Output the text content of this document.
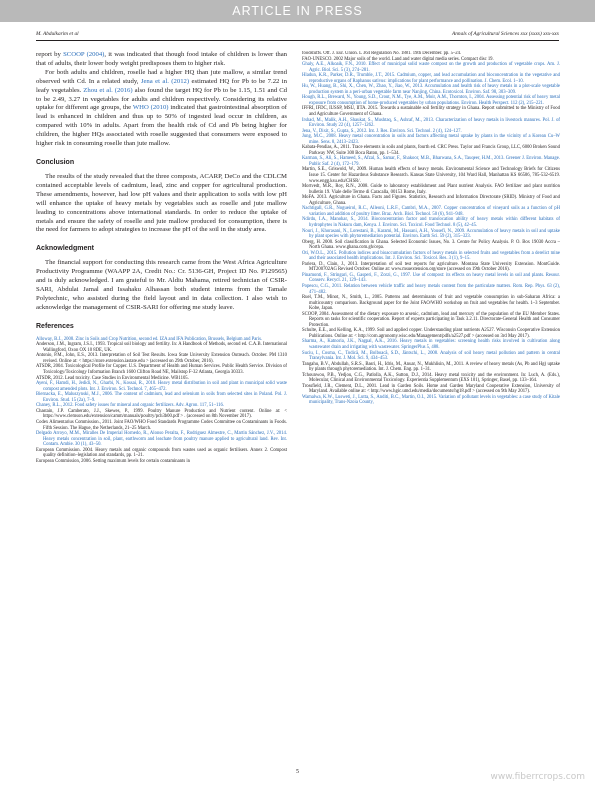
ARTICLE IN PRESS
M. Abdulkarim et al	Annals of Agricultural Sciences xxx (xxxx) xxx-xxx

report by SCOOP (2004), it was indicated that though food intake of children is lower than that of adults, their lower body weight predisposes them to higher risk.

For both adults and children, roselle had a higher HQ than jute mallow, a similar trend observed with Cd. In a related study, Jena et al. (2012) estimated HQ for Pb to be 7.22 in leafy vegetables. Zhou et al. (2016) also found the target HQ for Pb to be 1.15, 1.51 and Cd to be 2.49, 3.27 in vegetables for adults and children respectively. Considering its relative uptake for different age groups, the WHO (2010) indicated that gastrointestinal absorption of lead is enhanced in children and thus up to 50% of ingested lead occur in children, as compared with 10% in adults. Apart from the health risk of Cd and Pb being higher for children, the higher HQs associated with roselle suggested that consumers were exposed to higher risk in consuming roselle than jute mallow.

Conclusion

The results of the study revealed that the three composts, ACARP, DeCo and the CDLCM contained acceptable levels of cadmium, lead, zinc and copper for agricultural production. These amendments, however, had low pH values and their application to soils with low pH will enhance the uptake of heavy metals by vegetables such as roselle and jute mallow leading to concentrations above international standards. In order to reduce the uptake of metals and ensure the safety of roselle and jute mallow produced for consumption, there is the need for farmers to adopt strategies to increase the pH of the soil in the study area.

Acknowledgment

The financial support for conducting this research came from the West Africa Agriculture Productivity Programme (WAAPP 2A, Credit No.: Cr. 5136-GH, Project ID No. P129565) and is duly acknowledged. I am grateful to Mr. Aldiu Mahama, retired technician of CSIR-SARI, Abdulai Jamal and Issahaku Alhassan both student interns from the Tamale Polytechnic, who assisted during the field layout and in data collection. I also wish to acknowledge the management of CSIR-SARI for offering me study leave.

References

Alloway, B.J., 2008. Zinc in Soils and Crop Nutrition, second ed. IZA and IFA Publication, Brussels, Belgium and Paris.

Anderson, J.M., Ingram, J.S.I., 1993. Tropical soil biology and fertility. In: A Handbook of Methods, second ed. C.A.B. International Wallingford, Oxon OX 10 8DE, UK.

Antonio, P.M., John, E.S., 2013. Interpretation of Soil Test Results. Iowa State University Extension Outreach. October. PM 1310 revised. Online at: < https://store.extension.iastate.edu > (accessed on 29th October, 2016).

ATSDR, 2004. Toxicological Profile for Copper. U.S. Department of Health and Human Services. Public Health Service. Division of Toxicology/Toxicology Information Branch 1600 Clifton Road NE, Mailstop F-32 Atlanta, Georgia 30333.

ATSDR, 2012. Lead toxicity. Case Studies in Environmental Medicine. WB1105.

Ayeni, F., Hamdi, H., Jedidi, N., Gharbi, N., Kossai, R., 2010. Heavy metal distribution in soil and plant in municipal solid waste compost amended plots. Int. J. Environ. Sci. Technol. 7, 465–472.

Biernacka, E., Maluszynski, M.J., 2006. The content of cadmium, lead and selenium in soils from selected sites in Poland. Pol. J. Environ. Stud. 15 (2a), 7–9.

Chaney, R.L., 2012. Food safety issues for mineral and organic fertilizers. Adv. Agron. 117, 51–116.

Chastain, J.P. Camberato, J.J., Skewes, P., 1999. Poultry Manure Production and Nutrient content. Online at: < https://www.clemson.edu/extension/camm/manuals/poultry/pch3b00.pdf > . (accessed on 8th November 2017).

Codex Alimentarius Commission., 2011. Joint FAO/WHO Food Standards Programme Codex Committee on Contaminants in Foods. Fifth Session. The Hague, the Netherlands, 21–25 March.

Delgado Arroyo, M.M., Miralles De Imperial Hornedo, R., Alonso Peralta, F., Rodriguez Almestre, C., Martin Sánchez, J.V., 2014. Heavy metals concentration in soil, plant, earthworm and leachate from poultry manure applied to agricultural land. Rev. Int. Contam. Ambie. 30 (1), 43–50.

European Commission. 2004. Heavy metals and organic compounds from wastes used as organic fertilisers. Annex 2. Compost quality definition–legislation and standards, pp. 1–21.

European Commission, 2006. Setting maximum levels for certain contaminants in

foodstuffs. Off. J. Eur. Union. L 364 Regulation No. 1881. 19th December. pp. 5–24.

FAO-UNESCO. 2002 Major soils of the world. Land and water digital media series. Compact disc 19.

Ghaly, A.E., Alkoaik, F.N., 2010. Effect of municipal solid waste compost on the growth and production of vegetable crops. Am. J. Agric. Biol. Sci. 5 (3), 274–281.

Hladun, K.R., Parker, D.R., Trumble, J.T., 2015. Cadmium, copper, and lead accumulation and bioconcentration in the vegetative and reproductive organs of Raphanus sativus: implications for plant performance and pollination. J. Chem. Ecol. 1–10.

Hu, W., Huang, B., Shi, X., Chen, W., Zhao, Y., Jiao, W., 2013. Accumulation and health risk of heavy metals in a plot-scale vegetable production system in a peri-urban vegetable farm near Nanjing, China. Ecotoxicol. Environ. Saf. 98, 303–309.

Hough, R.L., Breward, N., Young, S.D., Crout, N.M., Tye, A.M., Moir, A.M., Thornton, I., 2004. Assessing potential risk of heavy metal exposure from consumption of home-produced vegetables by urban populations. Environ. Health Perspect. 112 (2), 215–221.

IFFRI, IFDC, IUSSP, MSU, IITA. 2015. Towards a sustainable soil fertility strategy in Ghana. Report submitted to the Ministry of Food and Agriculture Government of Ghana.

Irshad, M., Malik, A.H., Shaukat, S., Mushtaq, S., Ashraf, M., 2013. Characterization of heavy metals in livestock manures. Pol. J. of Environ. Study 22 (4), 1257–1262.

Jena, V., Dixit, S., Gupta, S., 2012. Int. J. Res. Environ. Sci. Technol. 2 (4), 124–127.

Jung, M.C., 2008. Heavy metal concentration in soils and factors affecting metal uptake by plants in the vicinity of a Korean Cu–W mine. Sens. 8, 2413–2423.

Kabata-Pendias, A., 2011. Trace elements in soils and plants, fourth ed. CRC Press. Taylor and Francis Group, LLC, 6000 Broken Sound Parkway NW, Suite 300 Boca Raton, pp. 1–534.

Karman, S., Ali, S., Hameed, S., Afzal, S., Samar, F., Shakoor, M.B., Bharwana, S.A., Tauqeer, H.M., 2013. Greener J. Environ. Manage. Public Saf. 2 (4), 172–179.

Martin, S.E., Griswold, W., 2009. Human health effects of heavy metals. Environmental Science and Technology Briefs for Citizens Issue 15. Center for Hazardous Substance Research. Kansas State University, 104 Ward Hall, Manhattan KS 66506, 785-532-6519. www.engg.ksu.edu/CHSR/.

Mortvedt, M.R., Roy, R.N., 2008. Guide to laboratory establishment and Plant nutrient Analysis. FAO fertilizer and plant nutrition bulletin 19. Viale delle Terme di Caracalla, 00153 Rome, Italy.

MoFA. 2013. Agriculture in Ghana. Facts and Figures. Statistics, Research and Information Directorate (SRID). Ministry of Food and Agriculture, Ghana.

Nachtigall, G.R., Nogueirol, R.C., Alleoni, L.R.F., Cambri, M.A., 2007. Copper concentration of vineyard soils as a function of pH variation and addition of poultry litter. Braz. Arch. Biol. Technol. 50 (6), 941–948.

Ndirdu, I.A., Manohar, S., 2014. Bioconcentration factor and translocation ability of heavy metals within different habitats of hydrophytes in Nakuru dam, Kenya. J. Environ. Sci. Toxicol. Food Technol. 8 (5), 42–45.

Nouri, J., Khorasani, N., Lorestani, B., Karami, M., Hassani, A.H., Yousefi, N., 2009. Accumulation of heavy metals in soil and uptake by plant species with phytoremediation potential. Environ. Earth Sci. 59 (2), 315–323.

Oberg, H. 2000. Soil classification in Ghana. Selected Economic Issues, No. 3. Centre for Policy Analysis. P. O. Box 19030 Accra – North Ghana. www.ghana.com.gh/cepa.

Oti, W.O.L., 2015. Pollution indices and bioaccumulation factors of heavy metals in selected fruits and vegetables from a derelict mine and their associated health implications. Int. J. Environ. Sci. Toxicol. Res. 3 (1), 9–15.

Pariera, D., Clain, J., 2013. Interpretation of soil test reports for agriculture. Montana State University Extension. MontGuide. MT200702AG Revised October. Online at: www.msuextension.org/store (accessed on 19th October 2016).

Pinamonti, F., Stringari, G., Gasperi, F., Zorzi, G., 1997. Use of compost: its effects on heavy metal levels in soil and plants. Resour. Conserv. Recycl. 21, 129–143.

Popescu, C.G., 2011. Relation between vehicle traffic and heavy metals content from the particulate matters. Rom. Rep. Phys. 63 (2), 471–482.

Ruel, T.M., Minot, N., Smith, L., 2005. Patterns and determinants of fruit and vegetable consumption in sub-Saharan Africa: a multicountry comparison. Background paper for the Joint FAO/WHO workshop on fruit and vegetables for health. 1–3 September. Kobe, Japan.

SCOOP, 2004. Assessment of the dietary exposure to arsenic, cadmium, lead and mercury of the population of the EU Member States. Reports on tasks for scientific cooperation. Report of experts participating in Task 3.2.11. Directorate-General Health and Consumer Protection.

Schulte, E.E., and Kelling, K.A., 1999. Soil and applied copper. Understanding plant nutrients A2527. Wisconsin Cooperative Extension Publications. Online at: < http://corn.agronomy.wisc.edu/Management/pdfs/a2527.pdf > (accessed on 3rd May 2017).

Sharma, A., Katnoria, J.K., Nagpal, A.K., 2016. Heavy metals in vegetables: screening health risks involved in cultivation along wastewater drain and irrigating with wastewater. SpringerPlus 5, 488.

Suciu, I., Cosma, C., Todică, M., Bolboacă, S.D., Jäntschi, L., 2008. Analysis of soil heavy metal pollution and pattern in central Transylvania. Int. J. Mol. Sci. 9, 434–453.

Tangahu, B.V., Abdullah, S.R.S., Basri, H., Idris, M., Anuar, N., Mukhlisin, M., 2011. A review of heavy metals (As, Pb and Hg) uptake by plants through phytoremediation. Int. J. Chem. Eng. pp. 1–31.

Tchounwou, P.B., Yedjou, C.G., Patlolla, A.K., Sutton, D.J., 2014. Heavy metal toxicity and the environment. In: Luch, A. (Eds.), Molecular, Clinical and Environmental Toxicology. Experientia Supplementum (EXS 101), Springer, Basel, pp. 133–164.

Trossfield, J.R., Clement, D.L., 2001. Lead in Garden Soils. Home and Garden Maryland Cooperative Extension, University of Maryland. Available online at: < http://www.hgic.umd.edu/media/documents/hg18.pdf > (accessed on 9th May 2017).

Wamalwa, K.W., Lusweti, J., Lutta, S., Anditi, B.C., Martin, O.I., 2015. Variation of pollutant levels in vegetables: a case study of Kitale municipality, Trans-Nzoia County,

5	www.fiberrcrops.com
